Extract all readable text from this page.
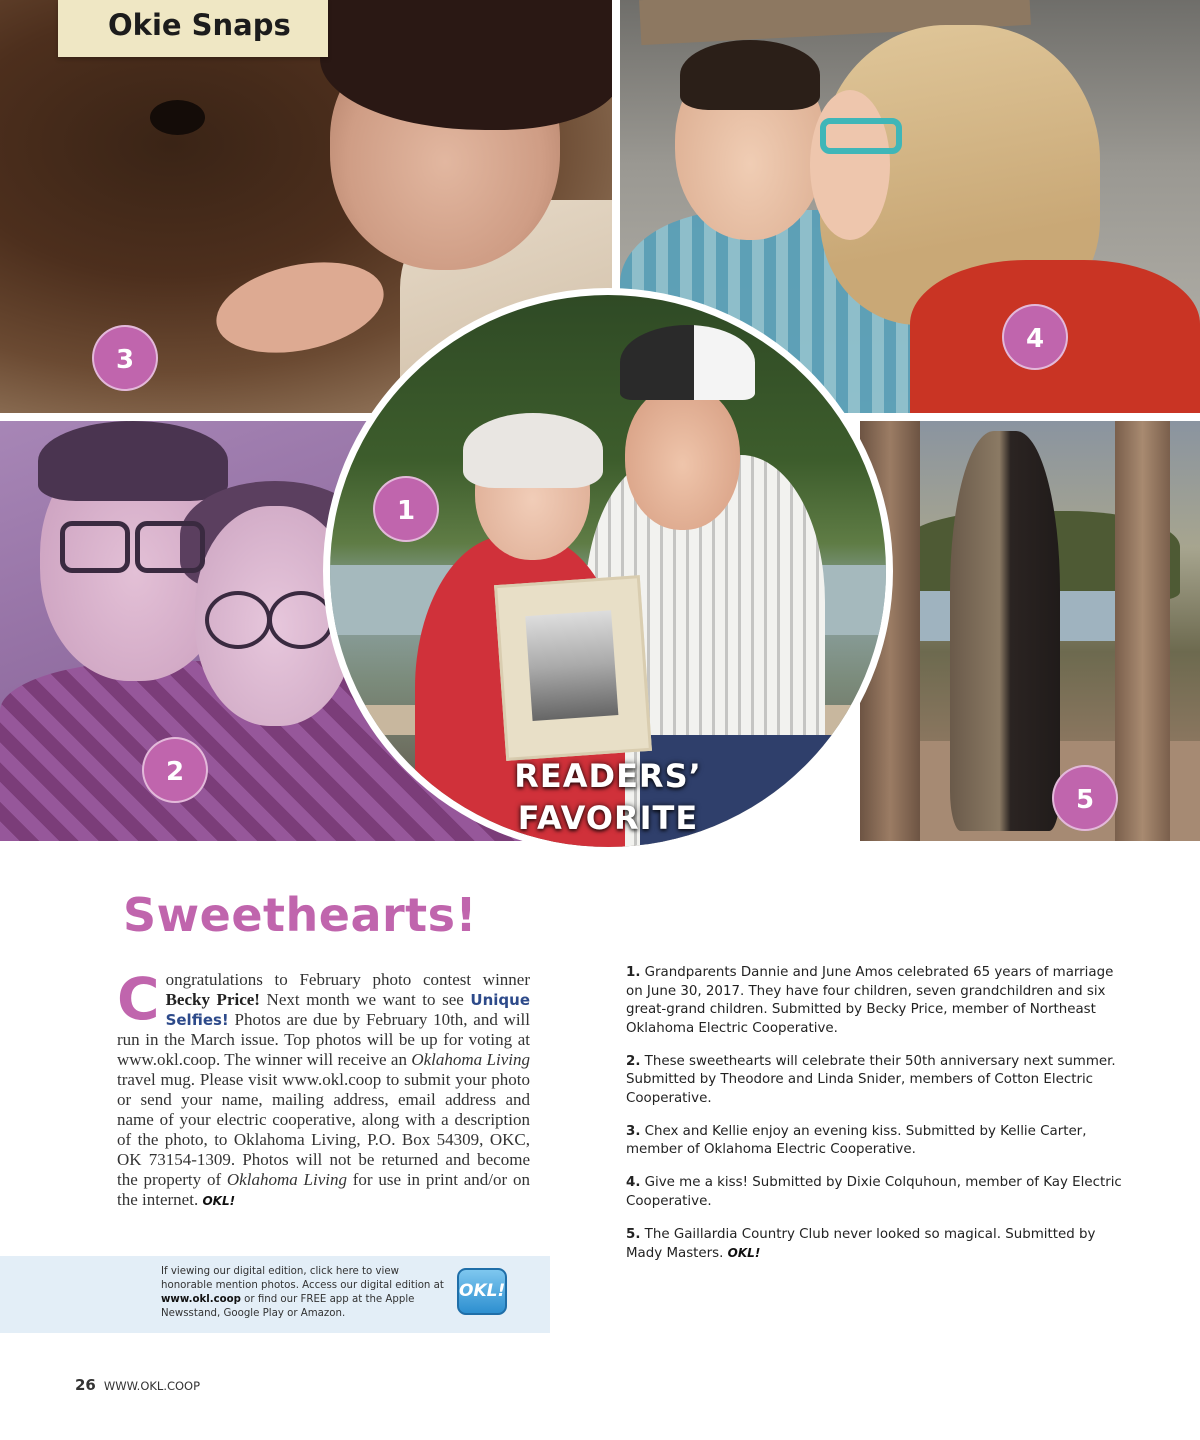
READERS’
FAVORITE
1
2
3
4
5
Okie Snaps
Sweethearts!
Congratulations to February photo contest winner Becky Price! Next month we want to see Unique Selfies! Photos are due by February 10th, and will run in the March issue. Top photos will be up for voting at www.okl.coop. The winner will receive an Oklahoma Living travel mug. Please visit www.okl.coop to submit your photo or send your name, mailing address, email address and name of your electric cooperative, along with a description of the photo, to Oklahoma Living, P.O. Box 54309, OKC, OK 73154-1309. Photos will not be returned and become the property of Oklahoma Living for use in print and/or on the internet. OKL!

1. Grandparents Dannie and June Amos celebrated 65 years of marriage on June 30, 2017. They have four children, seven grandchildren and six great-grand children. Submitted by Becky Price, member of Northeast Oklahoma Electric Cooperative.

2. These sweethearts will celebrate their 50th anniversary next summer. Submitted by Theodore and Linda Snider, members of Cotton Electric Cooperative.

3. Chex and Kellie enjoy an evening kiss. Submitted by Kellie Carter, member of Oklahoma Electric Cooperative.

4. Give me a kiss! Submitted by Dixie Colquhoun, member of Kay Electric Cooperative.

5. The Gaillardia Country Club never looked so magical. Submitted by Mady Masters. OKL!

If viewing our digital edition, click here to view honorable mention photos. Access our digital edition at www.okl.coop or find our FREE app at the Apple Newsstand, Google Play or Amazon.
OKL!
26 WWW.OKL.COOP
